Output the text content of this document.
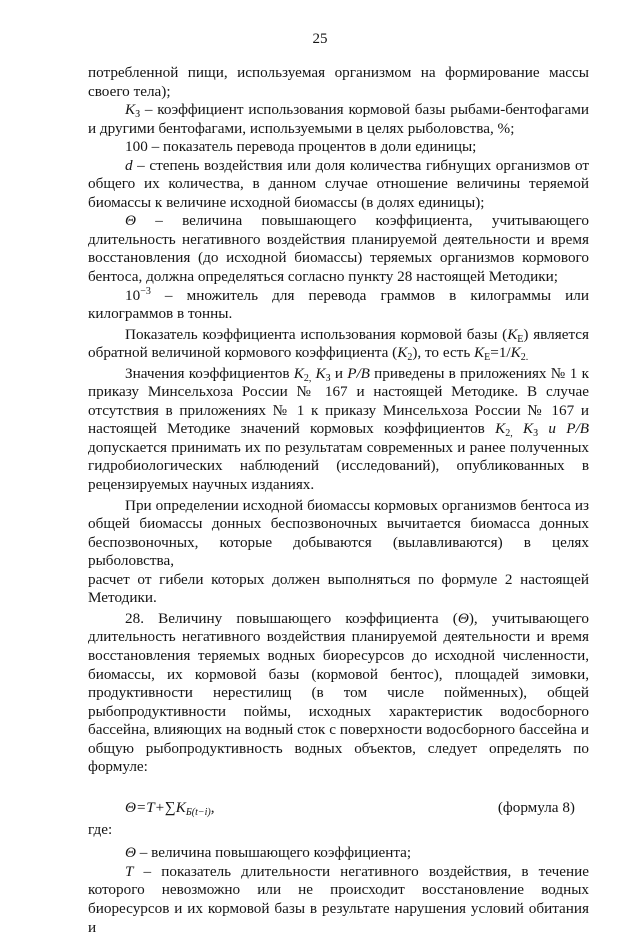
25
потребленной пищи, используемая организмом на формирование массы
своего тела);
$К_З$ – коэффициент использования кормовой базы рыбами-бентофагами
и другими бентофагами, используемыми в целях рыболовства, %;
100 – показатель перевода процентов в доли единицы;
d – степень воздействия или доля количества гибнущих организмов от
общего их количества, в данном случае отношение величины теряемой
биомассы к величине исходной биомассы (в долях единицы);
Θ – величина повышающего коэффициента, учитывающего
длительность негативного воздействия планируемой деятельности и время
восстановления (до исходной биомассы) теряемых организмов кормового
бентоса, должна определяться согласно пункту 28 настоящей Методики;
$10^{-3}$ – множитель для перевода граммов в килограммы или
килограммов в тонны.
Показатель коэффициента использования кормовой базы $(К_Е)$ является
обратной величиной кормового коэффициента $(К_2)$, то есть $К_Е=1/К_{2.}$
Значения коэффициентов $К_{2,}$ $К_З$ и P/B приведены в приложениях № 1 к
приказу Минсельхоза России № 167 и настоящей Методике. В случае
отсутствия в приложениях № 1 к приказу Минсельхоза России № 167 и
настоящей Методике значений кормовых коэффициентов $К_{2,}$ $К_З$ и P/B
допускается принимать их по результатам современных и ранее полученных
гидробиологических наблюдений (исследований), опубликованных в
рецензируемых научных изданиях.
При определении исходной биомассы кормовых организмов бентоса из
общей биомассы донных беспозвоночных вычитается биомасса донных
беспозвоночных, которые добываются (вылавливаются) в целях рыболовства,
расчет от гибели которых должен выполняться по формуле 2 настоящей
Методики.
28. Величину повышающего коэффициента (Θ), учитывающего
длительность негативного воздействия планируемой деятельности и время
восстановления теряемых водных биоресурсов до исходной численности,
биомассы, их кормовой базы (кормовой бентос), площадей зимовки,
продуктивности нерестилищ (в том числе пойменных), общей
рыбопродуктивности поймы, исходных характеристик водосборного
бассейна, влияющих на водный сток с поверхности водосборного бассейна и
общую рыбопродуктивность водных объектов, следует определять по
формуле:
$\Theta=T+\sum K_{Б(t-i)}$,	(формула 8)
где:
Θ – величина повышающего коэффициента;
T – показатель длительности негативного воздействия, в течение
которого невозможно или не происходит восстановление водных
биоресурсов и их кормовой базы в результате нарушения условий обитания и
